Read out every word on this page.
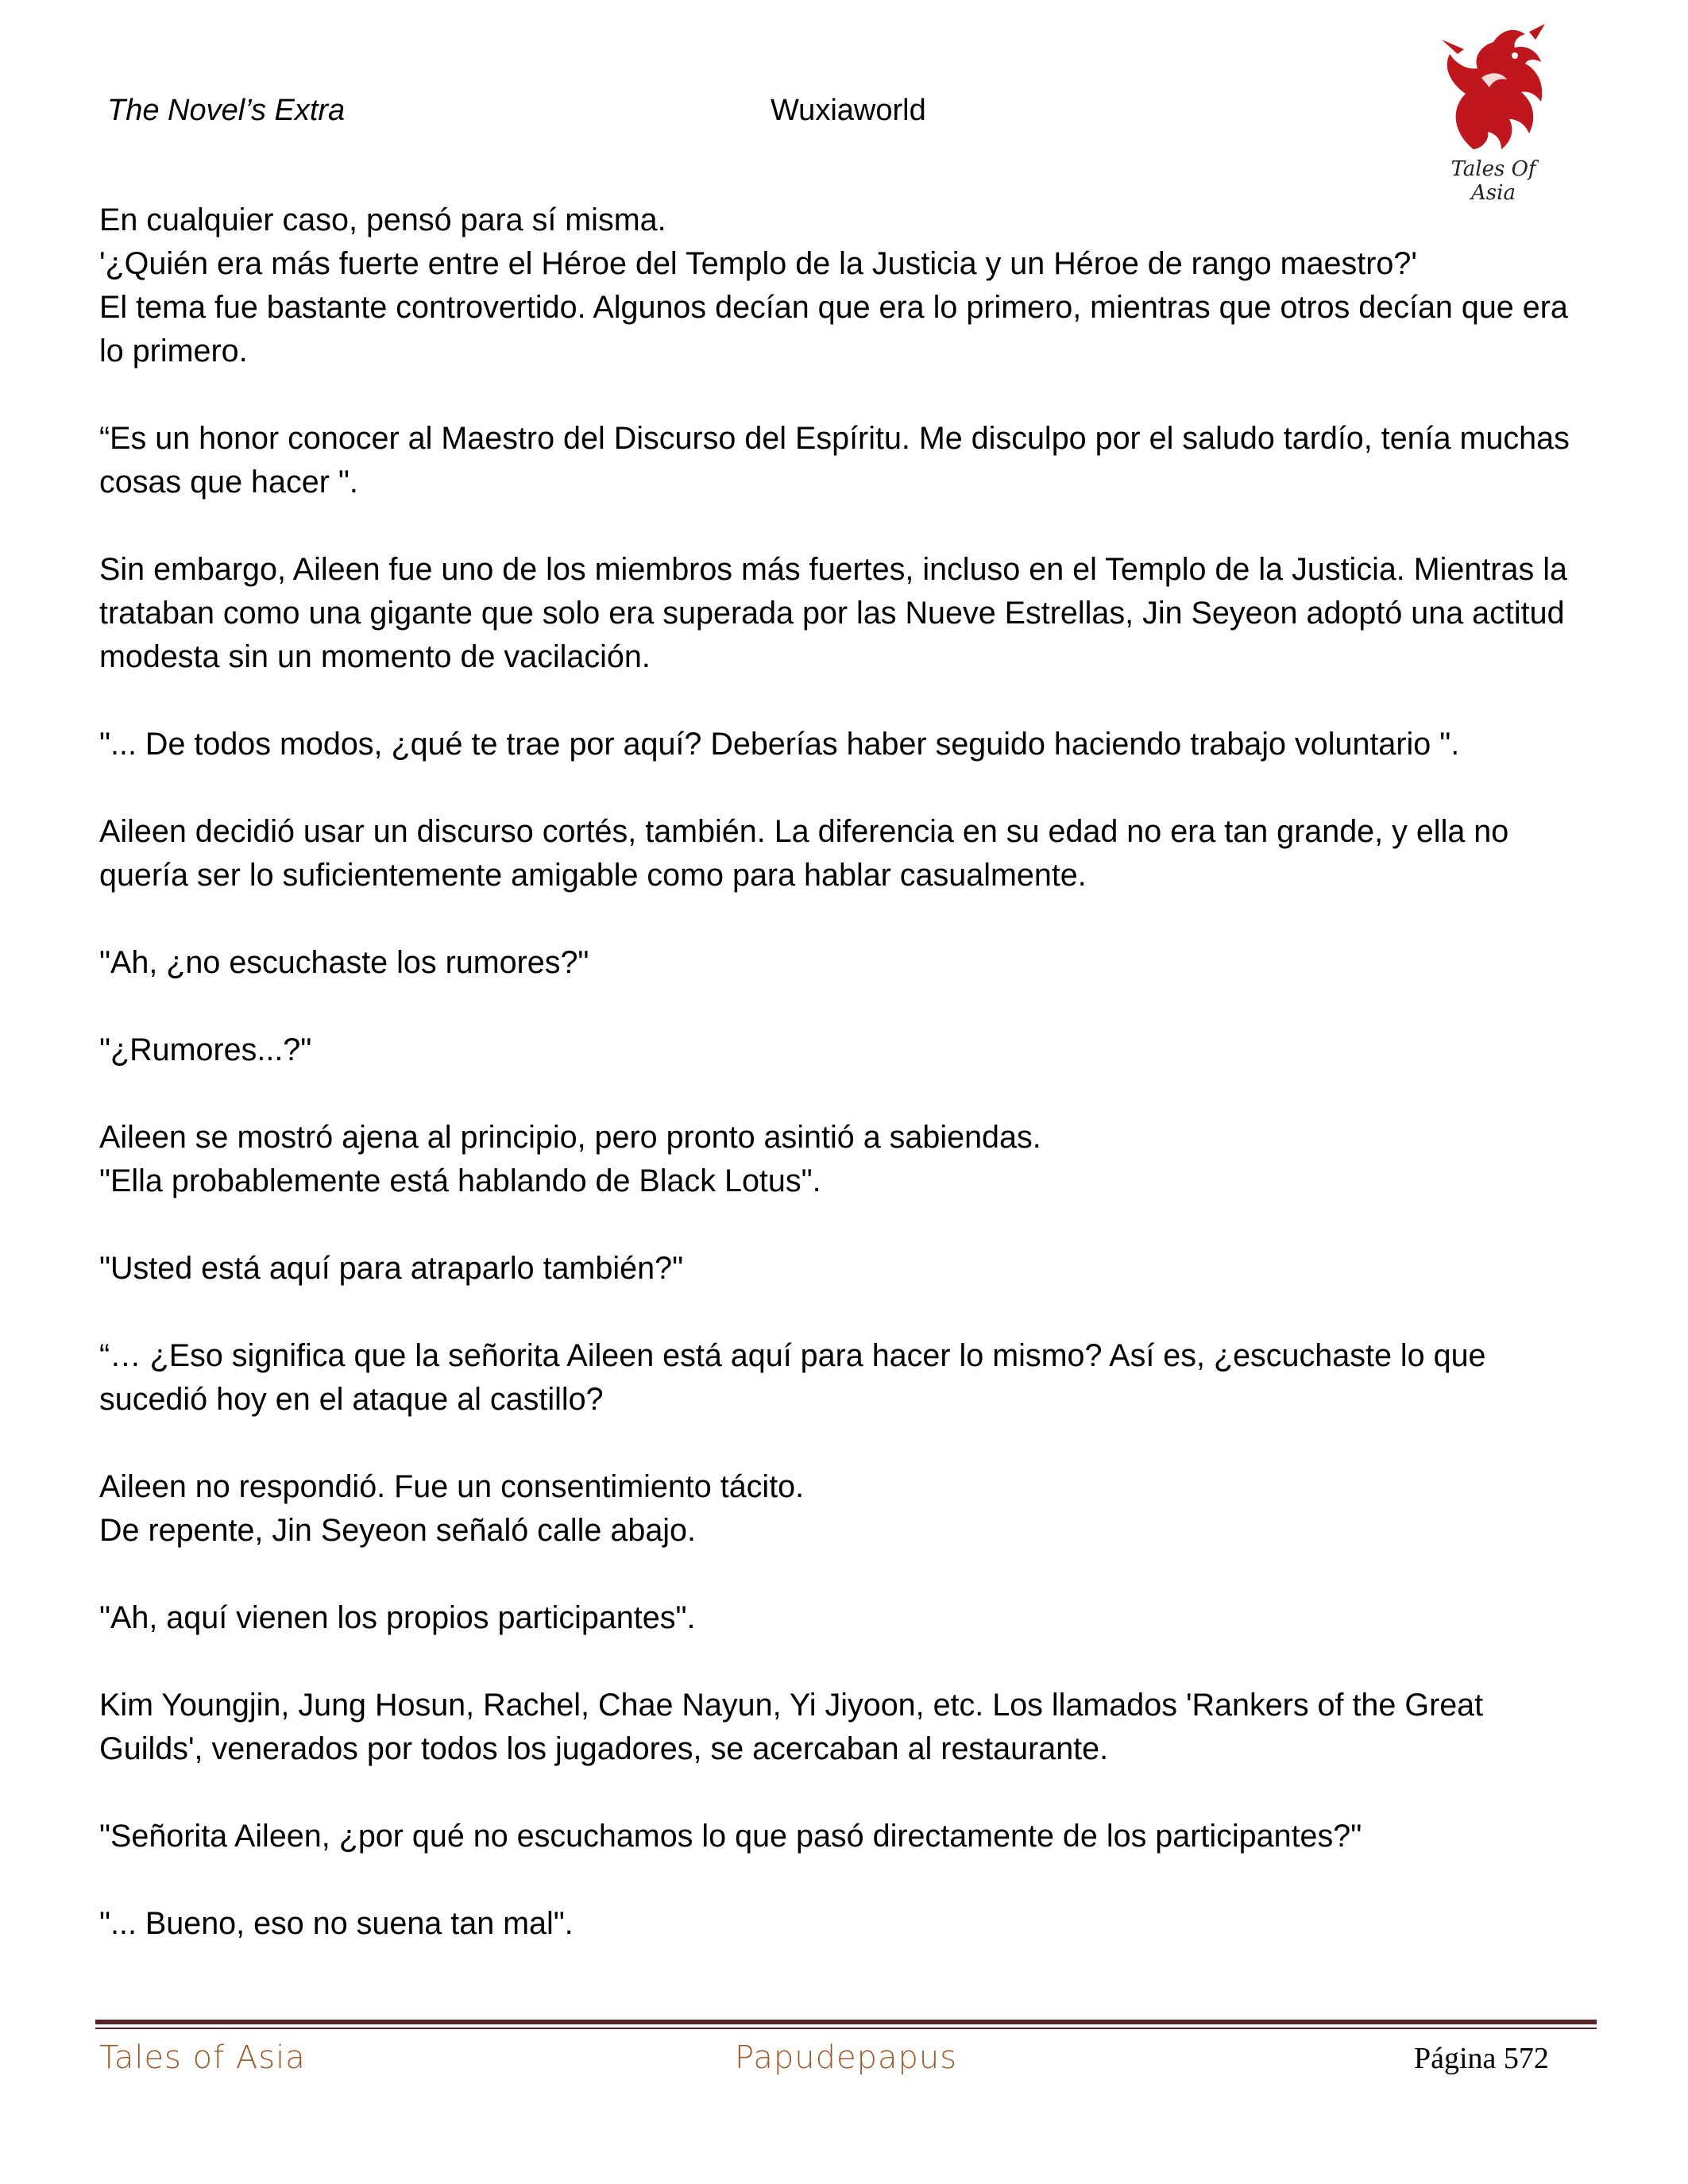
The Novel’s Extra	Wuxiaworld
Tales Of Asia

En cualquier caso, pensó para sí misma.

'¿Quién era más fuerte entre el Héroe del Templo de la Justicia y un Héroe de rango maestro?'

El tema fue bastante controvertido. Algunos decían que era lo primero, mientras que otros decían que era lo primero.

“Es un honor conocer al Maestro del Discurso del Espíritu. Me disculpo por el saludo tardío, tenía muchas cosas que hacer ".

Sin embargo, Aileen fue uno de los miembros más fuertes, incluso en el Templo de la Justicia. Mientras la trataban como una gigante que solo era superada por las Nueve Estrellas, Jin Seyeon adoptó una actitud modesta sin un momento de vacilación.

"... De todos modos, ¿qué te trae por aquí? Deberías haber seguido haciendo trabajo voluntario ".

Aileen decidió usar un discurso cortés, también. La diferencia en su edad no era tan grande, y ella no quería ser lo suficientemente amigable como para hablar casualmente.

"Ah, ¿no escuchaste los rumores?"

"¿Rumores...?"

Aileen se mostró ajena al principio, pero pronto asintió a sabiendas.

"Ella probablemente está hablando de Black Lotus".

"Usted está aquí para atraparlo también?"

“… ¿Eso significa que la señorita Aileen está aquí para hacer lo mismo? Así es, ¿escuchaste lo que sucedió hoy en el ataque al castillo?

Aileen no respondió. Fue un consentimiento tácito.

De repente, Jin Seyeon señaló calle abajo.

"Ah, aquí vienen los propios participantes".

Kim Youngjin, Jung Hosun, Rachel, Chae Nayun, Yi Jiyoon, etc. Los llamados 'Rankers of the Great Guilds', venerados por todos los jugadores, se acercaban al restaurante.

"Señorita Aileen, ¿por qué no escuchamos lo que pasó directamente de los participantes?"

"... Bueno, eso no suena tan mal".

Tales of Asia	Papudepapus	Página 572
